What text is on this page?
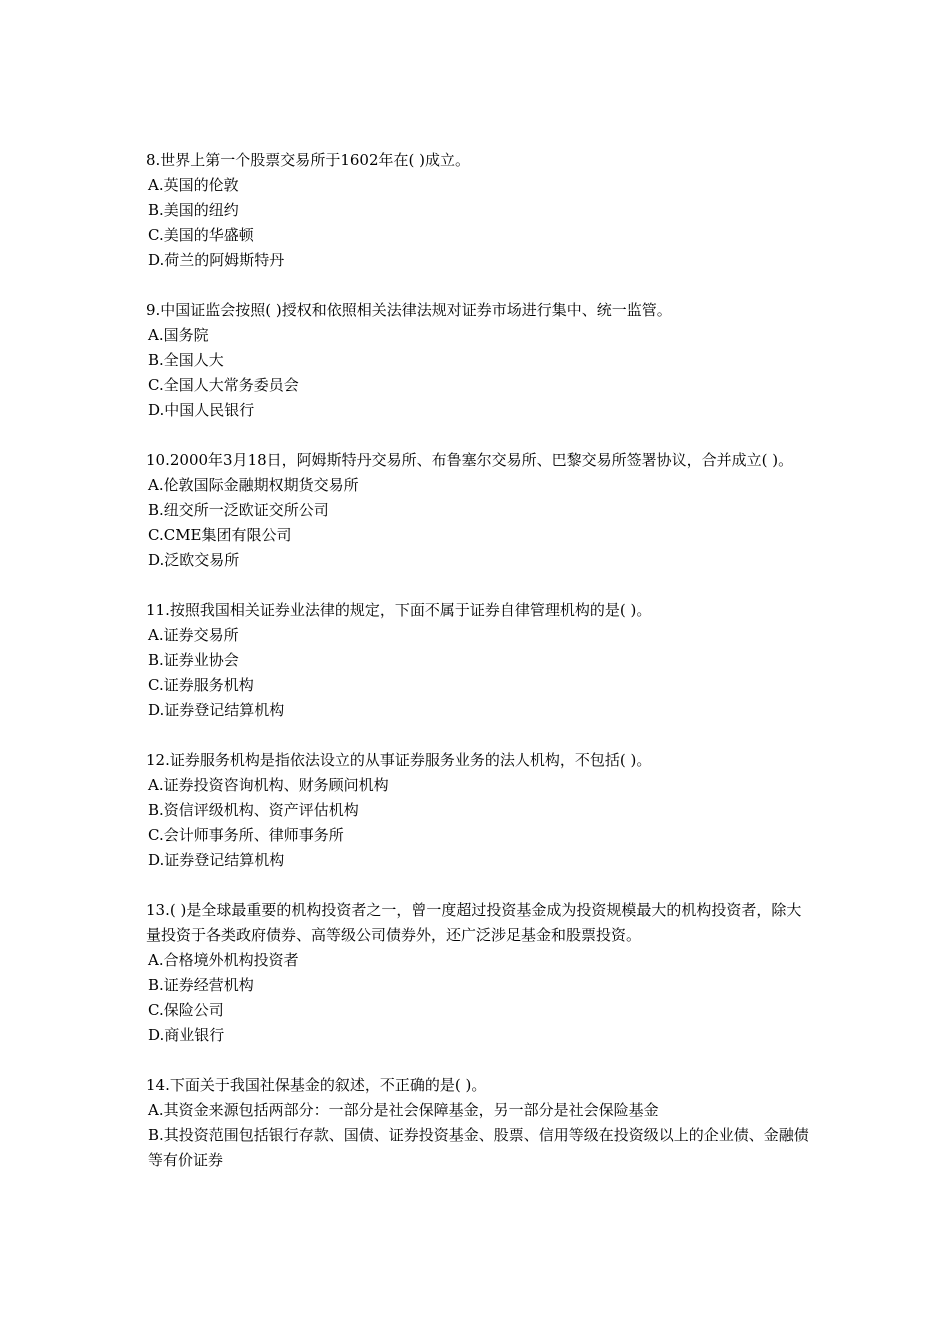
8.世界上第一个股票交易所于1602年在( )成立。

A.英国的伦敦

B.美国的纽约

C.美国的华盛顿

D.荷兰的阿姆斯特丹

9.中国证监会按照( )授权和依照相关法律法规对证券市场进行集中、统一监管。

A.国务院

B.全国人大

C.全国人大常务委员会

D.中国人民银行

10.2000年3月18日，阿姆斯特丹交易所、布鲁塞尔交易所、巴黎交易所签署协议，合并成立( )。

A.伦敦国际金融期权期货交易所

B.纽交所一泛欧证交所公司

C.CME集团有限公司

D.泛欧交易所

11.按照我国相关证券业法律的规定，下面不属于证券自律管理机构的是( )。

A.证券交易所

B.证券业协会

C.证券服务机构

D.证券登记结算机构

12.证券服务机构是指依法设立的从事证券服务业务的法人机构，不包括( )。

A.证券投资咨询机构、财务顾问机构

B.资信评级机构、资产评估机构

C.会计师事务所、律师事务所

D.证券登记结算机构

13.( )是全球最重要的机构投资者之一，曾一度超过投资基金成为投资规模最大的机构投资者，除大量投资于各类政府债券、高等级公司债券外，还广泛涉足基金和股票投资。

A.合格境外机构投资者

B.证券经营机构

C.保险公司

D.商业银行

14.下面关于我国社保基金的叙述，不正确的是( )。

A.其资金来源包括两部分：一部分是社会保障基金，另一部分是社会保险基金

B.其投资范围包括银行存款、国债、证券投资基金、股票、信用等级在投资级以上的企业债、金融债等有价证券
